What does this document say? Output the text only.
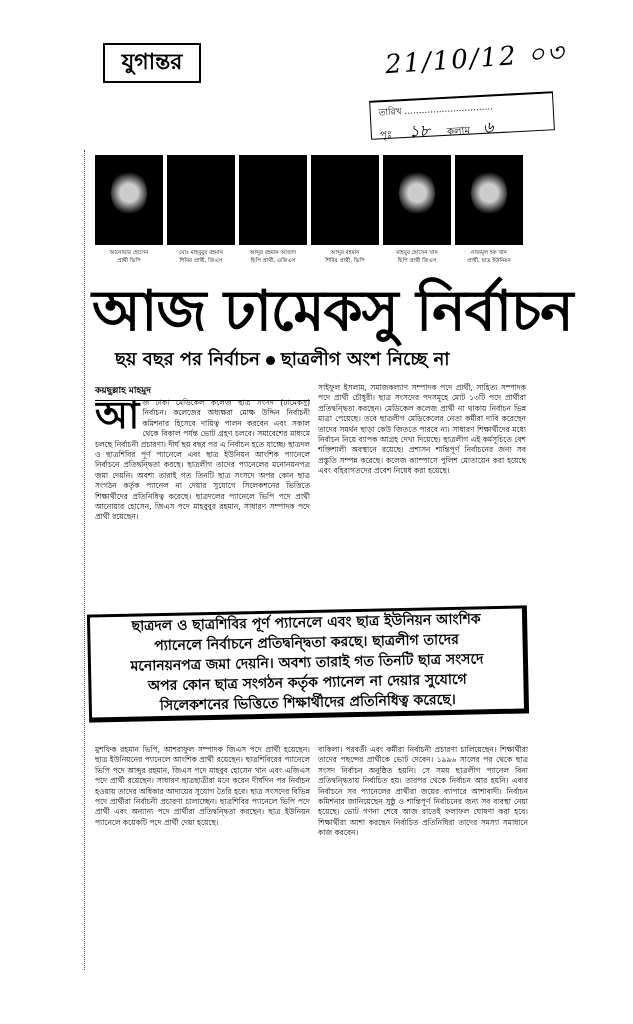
যুগান্তর	21/10/12 ০৩
তারিখ ...............................
পৃঃ ১৮ কলাম ৬
আনোয়ার হোসেন
প্রার্থী ভিপি
মোঃ মাহবুবুর রহমান
শিবির প্রার্থী, জিএস
আব্দুর রহমান আজাদ
ছিপি প্রার্থী, এজিএস
আব্দুর রহমান
শিবির প্রার্থী, ভিপি
মাহবুব হোসেন খান
ছিপি প্রার্থী জিএস
নাজমুল হক খান
প্রার্থী, ছাত্র ইউনিয়ন
আজ ঢামেকসু নির্বাচন
ছয় বছর পর নির্বাচন ছাত্রলীগ অংশ নিচ্ছে না
কয়ছুল্লাহ মাহমুদ
আজ ঢাকা মেডিকেল কলেজ ছাত্র সংসদ (ঢামেকসু) নির্বাচন। কলেজের অধ্যক্ষরা মোক্ষ উদ্দিন নির্বাচনী কমিশনার হিসেবে দায়িত্ব পালন করবেন এবং সকাল থেকে বিকাল পর্যন্ত ভোট গ্রহণ চলবে। সমাবেশের মাধ্যমে চলছে নির্বাচনী প্রচারণা। দীর্ঘ ছয় বছর পর এ নির্বাচন হতে যাচ্ছে। ছাত্রদল ও ছাত্রশিবির পূর্ণ প্যানেলে এবং ছাত্র ইউনিয়ন আংশিক প্যানেলে নির্বাচনে প্রতিদ্বন্দ্বিতা করছে। ছাত্রলীগ তাদের প্যানেলের মনোনয়নপত্র জমা দেয়নি। অবশ্য তারাই গত তিনটি ছাত্র সংসদে অপর কোন ছাত্র সংগঠন কর্তৃক প্যানেল না দেয়ার সুযোগে সিলেকশনের ভিত্তিতে শিক্ষার্থীদের প্রতিনিধিত্ব করেছে। ছাত্রদলের প্যানেলে ভিপি পদে প্রার্থী আনোয়ার হোসেন, জিএস পদে মাহবুবুর রহমান, সাধারণ সম্পাদক পদে প্রার্থী রয়েছেন।
সাইফুল ইসলাম, সমাজকল্যাণ সম্পাদক পদে প্রার্থী, সাহিত্য সম্পাদক পদে প্রার্থী চৌধুরী। ছাত্র সংসদের পদসমূহে মোট ১৩টি পদে প্রার্থীরা প্রতিদ্বন্দ্বিতা করছেন। মেডিকেল কলেজ প্রার্থী না থাকায় নির্বাচন ভিন্ন মাত্রা পেয়েছে। তবে ছাত্রলীগ মেডিকেলের নেতা কর্মীরা দাবি করেছেন তাদের সমর্থন ছাড়া কেউ জিততে পারবে না। সাধারণ শিক্ষার্থীদের মধ্যে নির্বাচন নিয়ে ব্যাপক আগ্রহ দেখা দিয়েছে। ছাত্রলীগ এই কর্মসূচিতে বেশ শক্তিশালী অবস্থানে রয়েছে। প্রশাসন শান্তিপূর্ণ নির্বাচনের জন্য সব প্রস্তুতি সম্পন্ন করেছে। কলেজ ক্যাম্পাসে পুলিশ মোতায়েন করা হয়েছে এবং বহিরাগতদের প্রবেশ নিষেধ করা হয়েছে।
ছাত্রদল ও ছাত্রশিবির পূর্ণ প্যানেলে এবং ছাত্র ইউনিয়ন আংশিক
প্যানেলে নির্বাচনে প্রতিদ্বন্দ্বিতা করছে। ছাত্রলীগ তাদের
মনোনয়নপত্র জমা দেয়নি। অবশ্য তারাই গত তিনটি ছাত্র সংসদে
অপর কোন ছাত্র সংগঠন কর্তৃক প্যানেল না দেয়ার সুযোগে
সিলেকশনের ভিত্তিতে শিক্ষার্থীদের প্রতিনিধিত্ব করেছে।
মুশফিক রহমান ভিপি, আশরাফুল সম্পাদক জিএস পদে প্রার্থী হয়েছেন। ছাত্র ইউনিয়নের প্যানেলে আংশিক প্রার্থী রয়েছেন। ছাত্রশিবিরের প্যানেলে ভিপি পদে আব্দুর রহমান, জিএস পদে মাহবুব হোসেন খান এবং এজিএস পদে প্রার্থী রয়েছেন। সাধারণ ছাত্রছাত্রীরা মনে করেন দীর্ঘদিন পর নির্বাচন হওয়ায় তাদের অধিকার আদায়ের সুযোগ তৈরি হবে। ছাত্র সংসদের বিভিন্ন পদে প্রার্থীরা নির্বাচনী প্রচারণা চালাচ্ছেন। ছাত্রশিবির প্যানেলে ভিপি পদে প্রার্থী এবং অন্যান্য পদে প্রার্থীরা প্রতিদ্বন্দ্বিতা করছেন। ছাত্র ইউনিয়ন প্যানেলে কয়েকটি পদে প্রার্থী দেয়া হয়েছে।
বাকিলা। পরবর্তী এবং কর্মীরা নির্বাচনী প্রচারণা চালিয়েছেন। শিক্ষার্থীরা তাদের পছন্দের প্রার্থীকে ভোট দেবেন। ১৯৯৬ সালের পর থেকে ছাত্র সংসদ নির্বাচন অনুষ্ঠিত হয়নি। সে সময় ছাত্রলীগ প্যানেল বিনা প্রতিদ্বন্দ্বিতায় নির্বাচিত হয়। তারপর থেকে নির্বাচন আর হয়নি। এবার নির্বাচনে সব প্যানেলের প্রার্থীরা জয়ের ব্যাপারে আশাবাদী। নির্বাচন কমিশনার জানিয়েছেন সুষ্ঠু ও শান্তিপূর্ণ নির্বাচনের জন্য সব ব্যবস্থা নেয়া হয়েছে। ভোট গণনা শেষে আজ রাতেই ফলাফল ঘোষণা করা হবে। শিক্ষার্থীরা আশা করছেন নির্বাচিত প্রতিনিধিরা তাদের সমস্যা সমাধানে কাজ করবেন।
